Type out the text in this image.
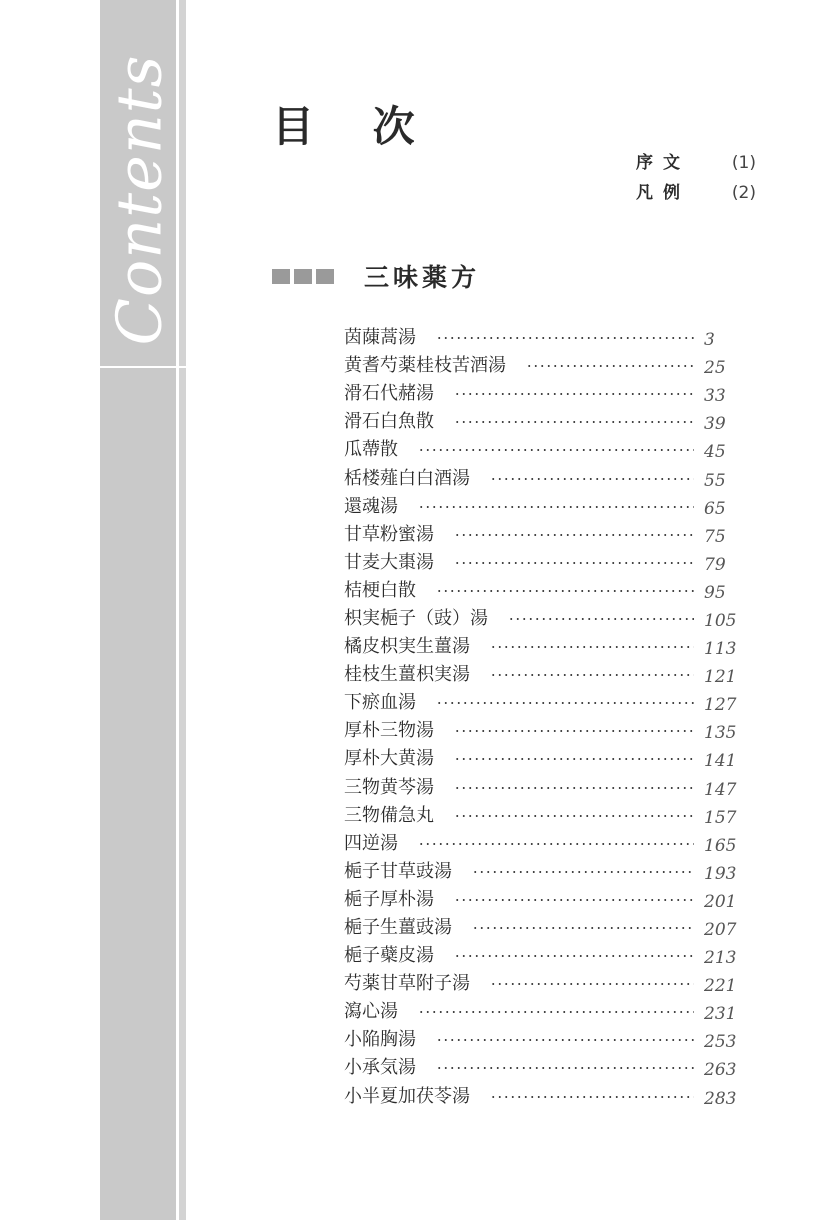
Contents 目 次
序文 (1)
凡例 (2)
三味薬方
茵蔯蒿湯	3
黄耆芍薬桂枝苦酒湯	25
滑石代赭湯	33
滑石白魚散	39
瓜蔕散	45
栝楼薤白白酒湯	55
還魂湯	65
甘草粉蜜湯	75
甘麦大棗湯	79
桔梗白散	95
枳実梔子（豉）湯	105
橘皮枳実生薑湯	113
桂枝生薑枳実湯	121
下瘀血湯	127
厚朴三物湯	135
厚朴大黄湯	141
三物黄芩湯	147
三物備急丸	157
四逆湯	165
梔子甘草豉湯	193
梔子厚朴湯	201
梔子生薑豉湯	207
梔子蘗皮湯	213
芍薬甘草附子湯	221
瀉心湯	231
小陥胸湯	253
小承気湯	263
小半夏加茯苓湯	283
